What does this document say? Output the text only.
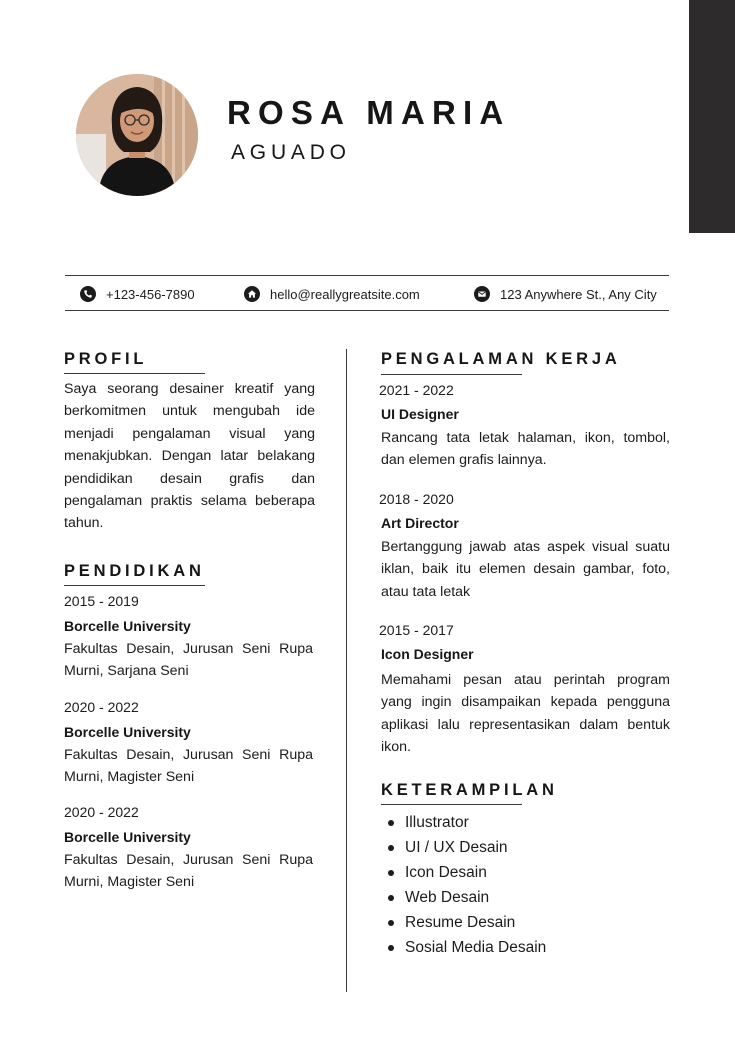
ROSA MARIA
AGUADO
+123-456-7890	hello@reallygreatsite.com	123 Anywhere St., Any City
PROFIL
Saya seorang desainer kreatif yang berkomitmen untuk mengubah ide menjadi pengalaman visual yang menakjubkan. Dengan latar belakang pendidikan desain grafis dan pengalaman praktis selama beberapa tahun.
PENDIDIKAN
2015 - 2019
Borcelle University
Fakultas Desain, Jurusan Seni Rupa Murni, Sarjana Seni
2020 - 2022
Borcelle University
Fakultas Desain, Jurusan Seni Rupa Murni, Magister Seni
2020 - 2022
Borcelle University
Fakultas Desain, Jurusan Seni Rupa Murni, Magister Seni
PENGALAMAN KERJA
2021 - 2022
UI Designer
Rancang tata letak halaman, ikon, tombol, dan elemen grafis lainnya.
2018 - 2020
Art Director
Bertanggung jawab atas aspek visual suatu iklan, baik itu elemen desain gambar, foto, atau tata letak
2015 - 2017
Icon Designer
Memahami pesan atau perintah program yang ingin disampaikan kepada pengguna aplikasi lalu representasikan dalam bentuk ikon.
KETERAMPILAN
Illustrator
UI / UX Desain
Icon Desain
Web Desain
Resume Desain
Sosial Media Desain
